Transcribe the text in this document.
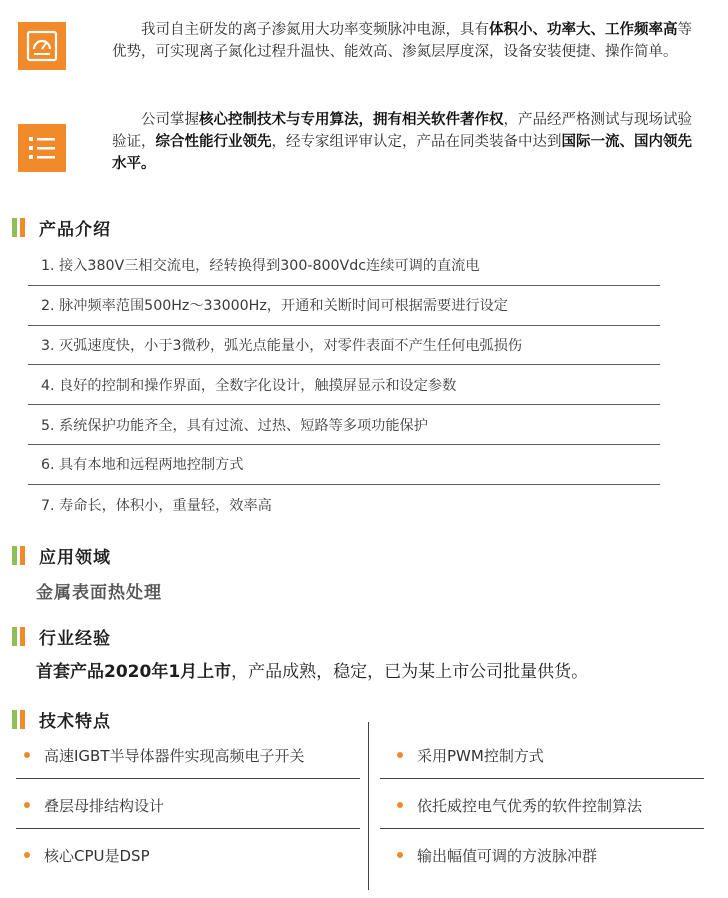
我司自主研发的离子渗氮用大功率变频脉冲电源，具有体积小、功率大、工作频率高等优势，可实现离子氮化过程升温快、能效高、渗氮层厚度深，设备安装便捷、操作简单。

公司掌握核心控制技术与专用算法，拥有相关软件著作权，产品经严格测试与现场试验验证，综合性能行业领先，经专家组评审认定，产品在同类装备中达到国际一流、国内领先水平。

产品介绍
1. 接入380V三相交流电，经转换得到300-800Vdc连续可调的直流电
2. 脉冲频率范围500Hz～33000Hz，开通和关断时间可根据需要进行设定
3. 灭弧速度快，小于3微秒，弧光点能量小，对零件表面不产生任何电弧损伤
4. 良好的控制和操作界面，全数字化设计，触摸屏显示和设定参数
5. 系统保护功能齐全，具有过流、过热、短路等多项功能保护
6. 具有本地和远程两地控制方式
7. 寿命长，体积小，重量轻，效率高
应用领域
金属表面热处理
行业经验
首套产品2020年1月上市，产品成熟，稳定，已为某上市公司批量供货。
技术特点
高速IGBT半导体器件实现高频电子开关
叠层母排结构设计
核心CPU是DSP
采用PWM控制方式
依托威控电气优秀的软件控制算法
输出幅值可调的方波脉冲群
